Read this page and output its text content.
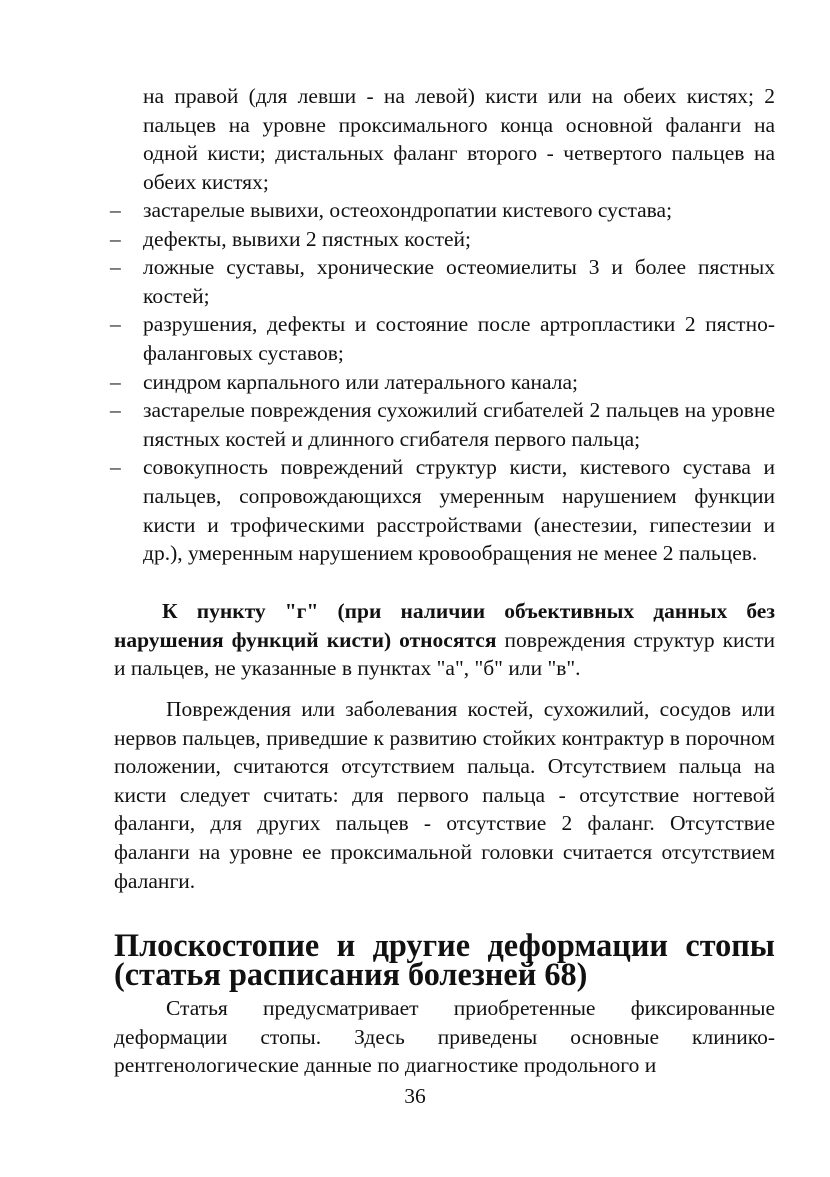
на правой (для левши - на левой) кисти или на обеих кистях; 2 пальцев на уровне проксимального конца основной фаланги на одной кисти; дистальных фаланг второго - четвертого пальцев на обеих кистях;

– застарелые вывихи, остеохондропатии кистевого сустава;
– дефекты, вывихи 2 пястных костей;
– ложные суставы, хронические остеомиелиты 3 и более пястных костей;
– разрушения, дефекты и состояние после артропластики 2 пястно-фаланговых суставов;
– синдром карпального или латерального канала;
– застарелые повреждения сухожилий сгибателей 2 пальцев на уровне пястных костей и длинного сгибателя первого пальца;
– совокупность повреждений структур кисти, кистевого сустава и пальцев, сопровождающихся умеренным нарушением функции кисти и трофическими расстройствами (анестезии, гипестезии и др.), умеренным нарушением кровообращения не менее 2 пальцев.

К пункту "г" (при наличии объективных данных без нарушения функций кисти) относятся повреждения структур кисти и пальцев, не указанные в пунктах "а", "б" или "в".

Повреждения или заболевания костей, сухожилий, сосудов или нервов пальцев, приведшие к развитию стойких контрактур в порочном положении, считаются отсутствием пальца. Отсутствием пальца на кисти следует считать: для первого пальца - отсутствие ногтевой фаланги, для других пальцев - отсутствие 2 фаланг. Отсутствие фаланги на уровне ее проксимальной головки считается отсутствием фаланги.

Плоскостопие и другие деформации стопы (статья расписания болезней 68)

Статья предусматривает приобретенные фиксированные деформации стопы. Здесь приведены основные клинико-рентгенологические данные по диагностике продольного и

36
